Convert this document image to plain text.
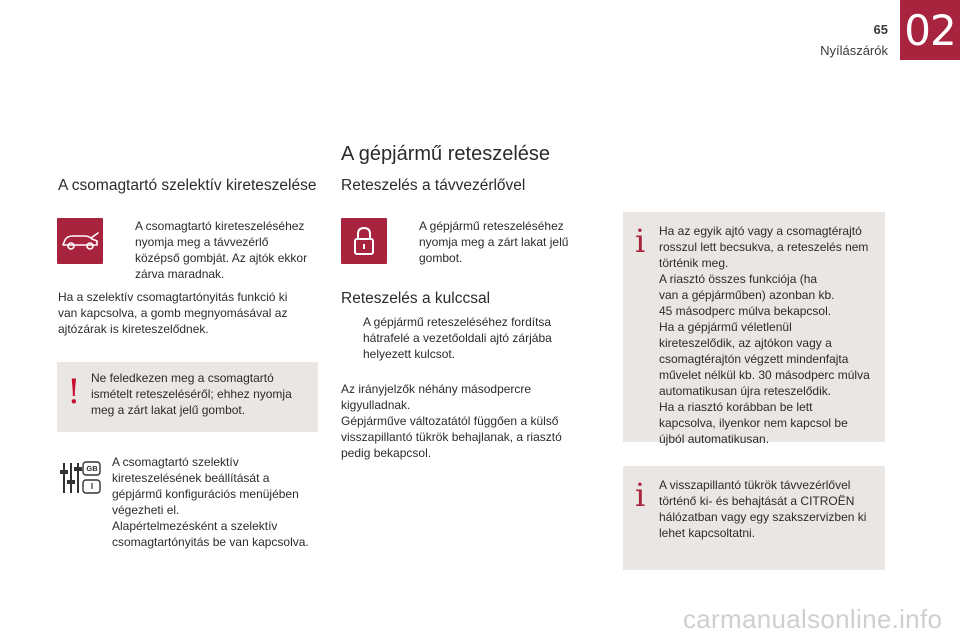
65
Nyílászárók 02
A gépjármű reteszelése
A csomagtartó szelektív kireteszelése
A csomagtartó kireteszeléséhez
nyomja meg a távvezérlő
középső gombját. Az ajtók ekkor
zárva maradnak.
Ha a szelektív csomagtartónyitás funkció ki
van kapcsolva, a gomb megnyomásával az
ajtózárak is kireteszelődnek.
! Ne feledkezen meg a csomagtartó
ismételt reteszeléséről; ehhez nyomja
meg a zárt lakat jelű gombot.
GB
I
A csomagtartó szelektív
kireteszelésének beállítását a
gépjármű konfigurációs menüjében
végezheti el.
Alapértelmezésként a szelektív
csomagtartónyitás be van kapcsolva.
Reteszelés a távvezérlővel
A gépjármű reteszeléséhez
nyomja meg a zárt lakat jelű
gombot.
Reteszelés a kulccsal
A gépjármű reteszeléséhez fordítsa
hátrafelé a vezetőoldali ajtó zárjába
helyezett kulcsot.
Az irányjelzők néhány másodpercre
kigyulladnak.
Gépjárműve változatától függően a külső
visszapillantó tükrök behajlanak, a riasztó
pedig bekapcsol.
i Ha az egyik ajtó vagy a csomagtérajtó
rosszul lett becsukva, a reteszelés nem
történik meg.
A riasztó összes funkciója (ha
van a gépjárműben) azonban kb.
45 másodperc múlva bekapcsol.
Ha a gépjármű véletlenül
kireteszelődik, az ajtókon vagy a
csomagtérajtón végzett mindenfajta
művelet nélkül kb. 30 másodperc múlva
automatikusan újra reteszelődik.
Ha a riasztó korábban be lett
kapcsolva, ilyenkor nem kapcsol be
újból automatikusan.
i A visszapillantó tükrök távvezérlővel
történő ki- és behajtását a CITROËN
hálózatban vagy egy szakszervizben ki
lehet kapcsoltatni.
carmanualsonline.info
